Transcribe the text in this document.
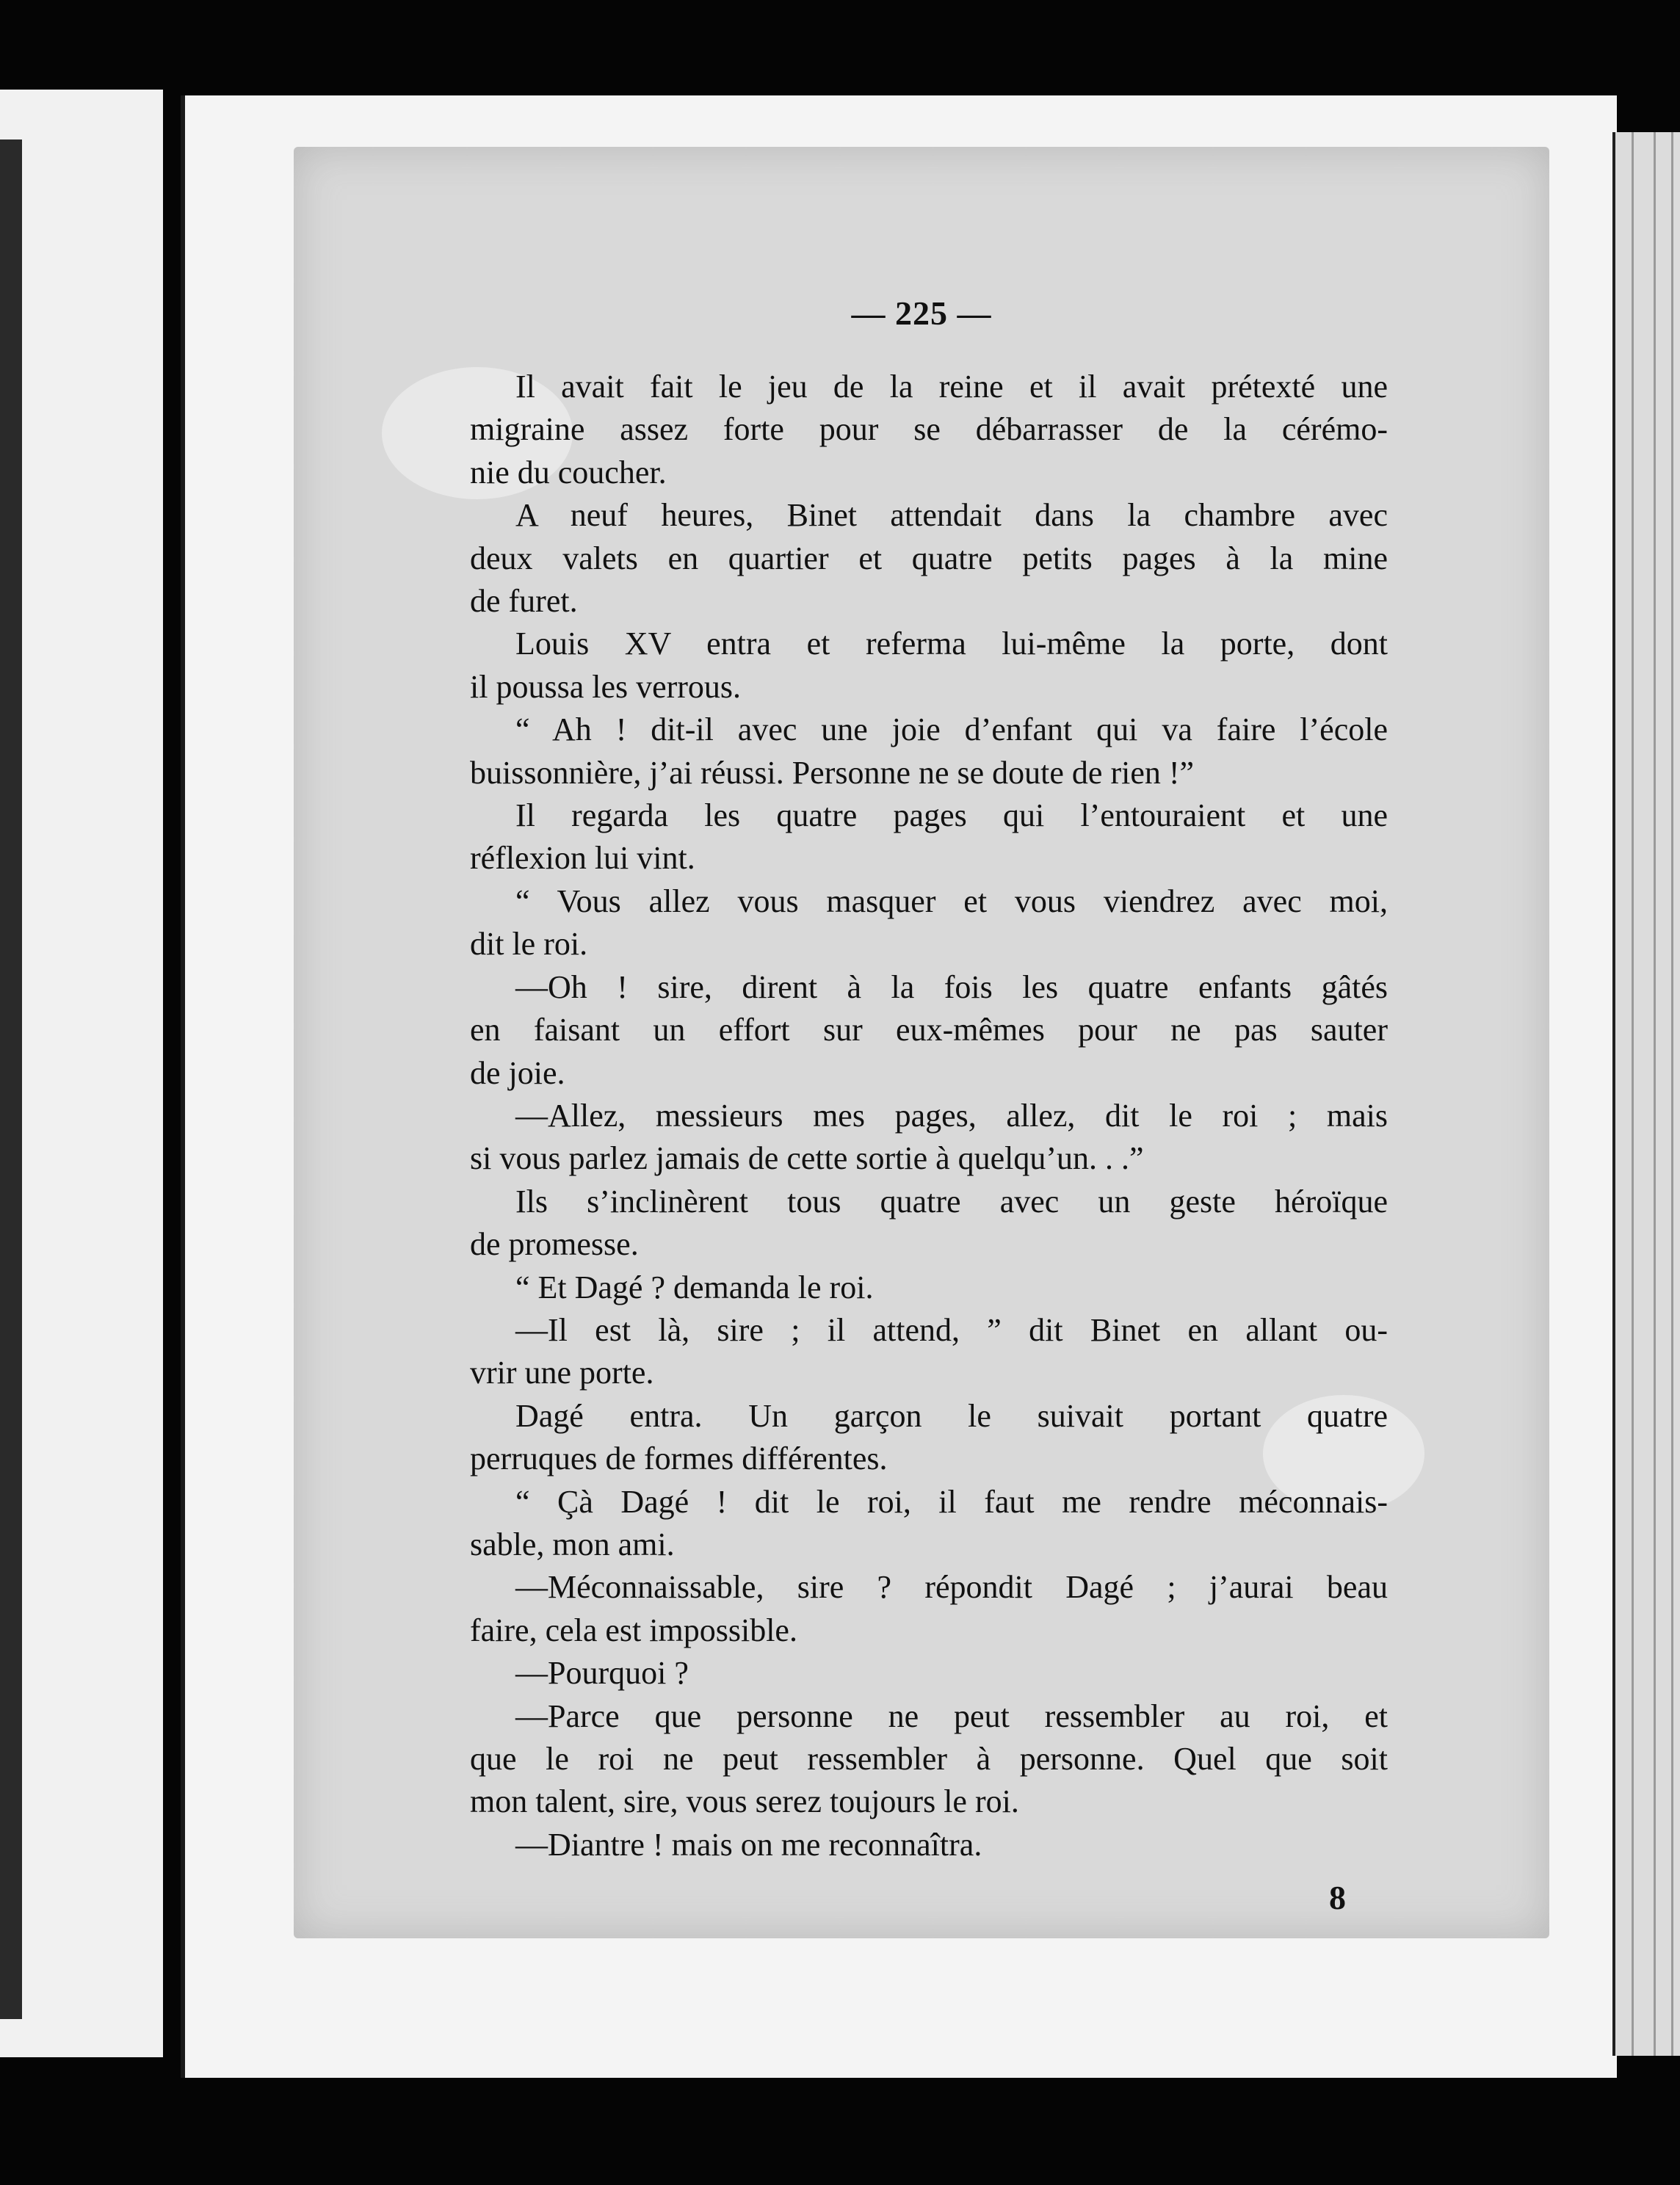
— 225 —
Il avait fait le jeu de la reine et il avait prétexté une
migraine assez forte pour se débarrasser de la cérémo-
nie du coucher.
A neuf heures, Binet attendait dans la chambre avec
deux valets en quartier et quatre petits pages à la mine
de furet.
Louis XV entra et referma lui-même la porte, dont
il poussa les verrous.
“ Ah ! dit-il avec une joie d’enfant qui va faire l’école
buissonnière, j’ai réussi. Personne ne se doute de rien !”
Il regarda les quatre pages qui l’entouraient et une
réflexion lui vint.
“ Vous allez vous masquer et vous viendrez avec moi,
dit le roi.
—Oh ! sire, dirent à la fois les quatre enfants gâtés
en faisant un effort sur eux-mêmes pour ne pas sauter
de joie.
—Allez, messieurs mes pages, allez, dit le roi ; mais
si vous parlez jamais de cette sortie à quelqu’un. . .”
Ils s’inclinèrent tous quatre avec un geste héroïque
de promesse.
“ Et Dagé ? demanda le roi.
—Il est là, sire ; il attend, ” dit Binet en allant ou-
vrir une porte.
Dagé entra. Un garçon le suivait portant quatre
perruques de formes différentes.
“ Çà Dagé ! dit le roi, il faut me rendre méconnais-
sable, mon ami.
—Méconnaissable, sire ? répondit Dagé ; j’aurai beau
faire, cela est impossible.
—Pourquoi ?
—Parce que personne ne peut ressembler au roi, et
que le roi ne peut ressembler à personne. Quel que soit
mon talent, sire, vous serez toujours le roi.
—Diantre ! mais on me reconnaîtra.
8
